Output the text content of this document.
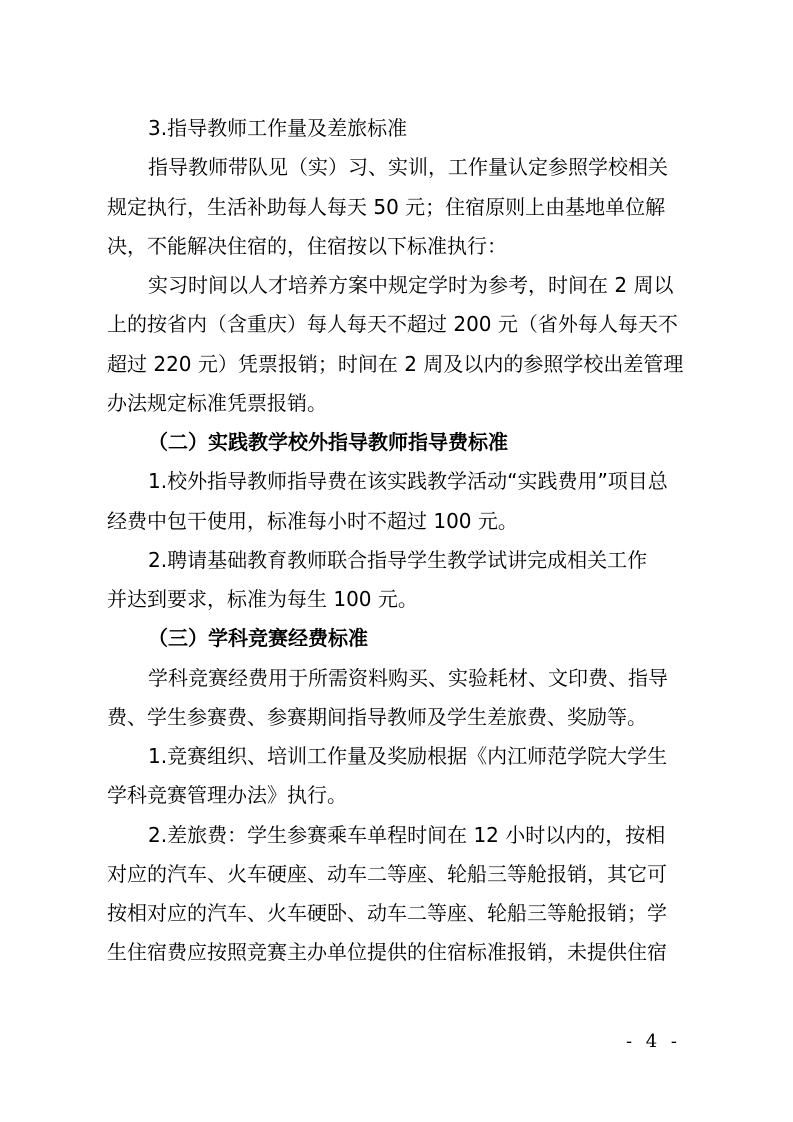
3.指导教师工作量及差旅标准
指导教师带队见（实）习、实训，工作量认定参照学校相关
规定执行，生活补助每人每天 50 元；住宿原则上由基地单位解
决，不能解决住宿的，住宿按以下标准执行：
实习时间以人才培养方案中规定学时为参考，时间在 2 周以
上的按省内（含重庆）每人每天不超过 200 元（省外每人每天不
超过 220 元）凭票报销；时间在 2 周及以内的参照学校出差管理
办法规定标准凭票报销。
（二）实践教学校外指导教师指导费标准
1.校外指导教师指导费在该实践教学活动“实践费用”项目总
经费中包干使用，标准每小时不超过 100 元。
2.聘请基础教育教师联合指导学生教学试讲完成相关工作
并达到要求，标准为每生 100 元。
（三）学科竞赛经费标准
学科竞赛经费用于所需资料购买、实验耗材、文印费、指导
费、学生参赛费、参赛期间指导教师及学生差旅费、奖励等。
1.竞赛组织、培训工作量及奖励根据《内江师范学院大学生
学科竞赛管理办法》执行。
2.差旅费：学生参赛乘车单程时间在 12 小时以内的，按相
对应的汽车、火车硬座、动车二等座、轮船三等舱报销，其它可
按相对应的汽车、火车硬卧、动车二等座、轮船三等舱报销；学
生住宿费应按照竞赛主办单位提供的住宿标准报销，未提供住宿
- 4 -
